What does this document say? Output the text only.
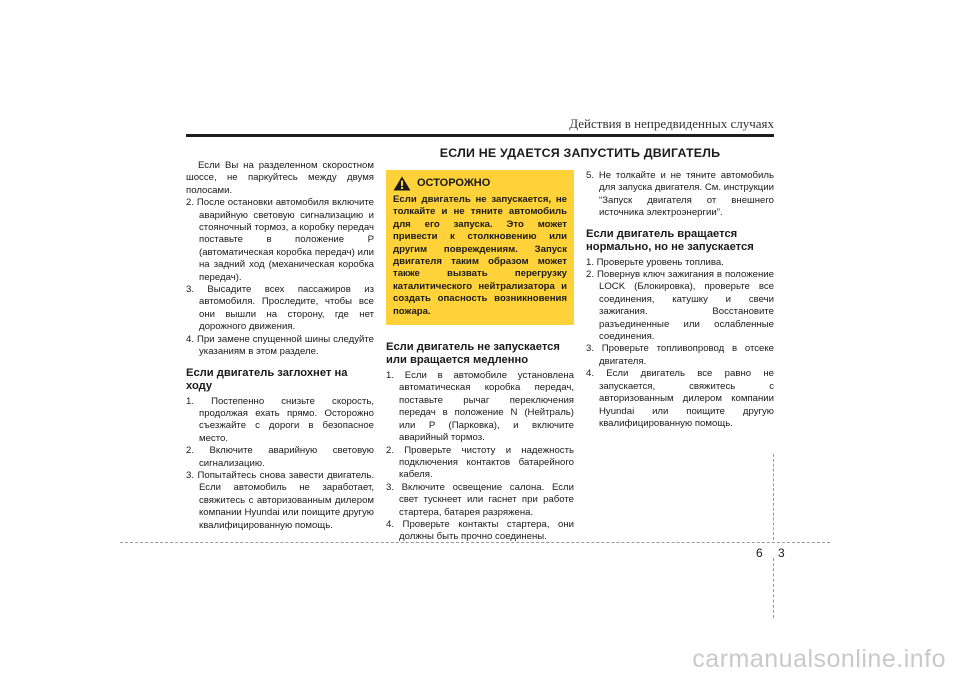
Действия в непредвиденных случаях
ЕСЛИ НЕ УДАЕТСЯ ЗАПУСТИТЬ ДВИГАТЕЛЬ

Если Вы на разделенном скоростном шоссе, не паркуйтесь между двумя полосами.

2. После остановки автомобиля включите аварийную световую сигнализацию и стояночный тормоз, а коробку передач поставьте в положение P (автоматическая коробка передач) или на задний ход (механическая коробка передач).
3. Высадите всех пассажиров из автомобиля. Проследите, чтобы все они вышли на сторону, где нет дорожного движения.
4. При замене спущенной шины следуйте указаниям в этом разделе.
Если двигатель заглохнет на ходу
1. Постепенно снизьте скорость, продолжая ехать прямо. Осторожно съезжайте с дороги в безопасное место.
2. Включите аварийную световую сигнализацию.
3. Попытайтесь снова завести двигатель. Если автомобиль не заработает, свяжитесь с авторизованным дилером компании Hyundai или поищите другую квалифицированную помощь.
ОСТОРОЖНО
Если двигатель не запускается, не толкайте и не тяните автомобиль для его запуска. Это может привести к столкновению или другим повреждениям. Запуск двигателя таким образом может также вызвать перегрузку каталитического нейтрализатора и создать опасность возникновения пожара.
Если двигатель не запускается или вращается медленно
1. Если в автомобиле установлена автоматическая коробка передач, поставьте рычаг переключения передач в положение N (Нейтраль) или P (Парковка), и включите аварийный тормоз.
2. Проверьте чистоту и надежность подключения контактов батарейного кабеля.
3. Включите освещение салона. Если свет тускнеет или гаснет при работе стартера, батарея разряжена.
4. Проверьте контакты стартера, они должны быть прочно соединены.
5. Не толкайте и не тяните автомобиль для запуска двигателя. См. инструкции “Запуск двигателя от внешнего источника электроэнергии”.
Если двигатель вращается нормально, но не запускается
1. Проверьте уровень топлива.
2. Повернув ключ зажигания в положение LOCK (Блокировка), проверьте все соединения, катушку и свечи зажигания. Восстановите разъединенные или ослабленные соединения.
3. Проверьте топливопровод в отсеке двигателя.
4. Если двигатель все равно не запускается, свяжитесь с авторизованным дилером компании Hyundai или поищите другую квалифицированную помощь.
6 3
carmanualsonline.info
